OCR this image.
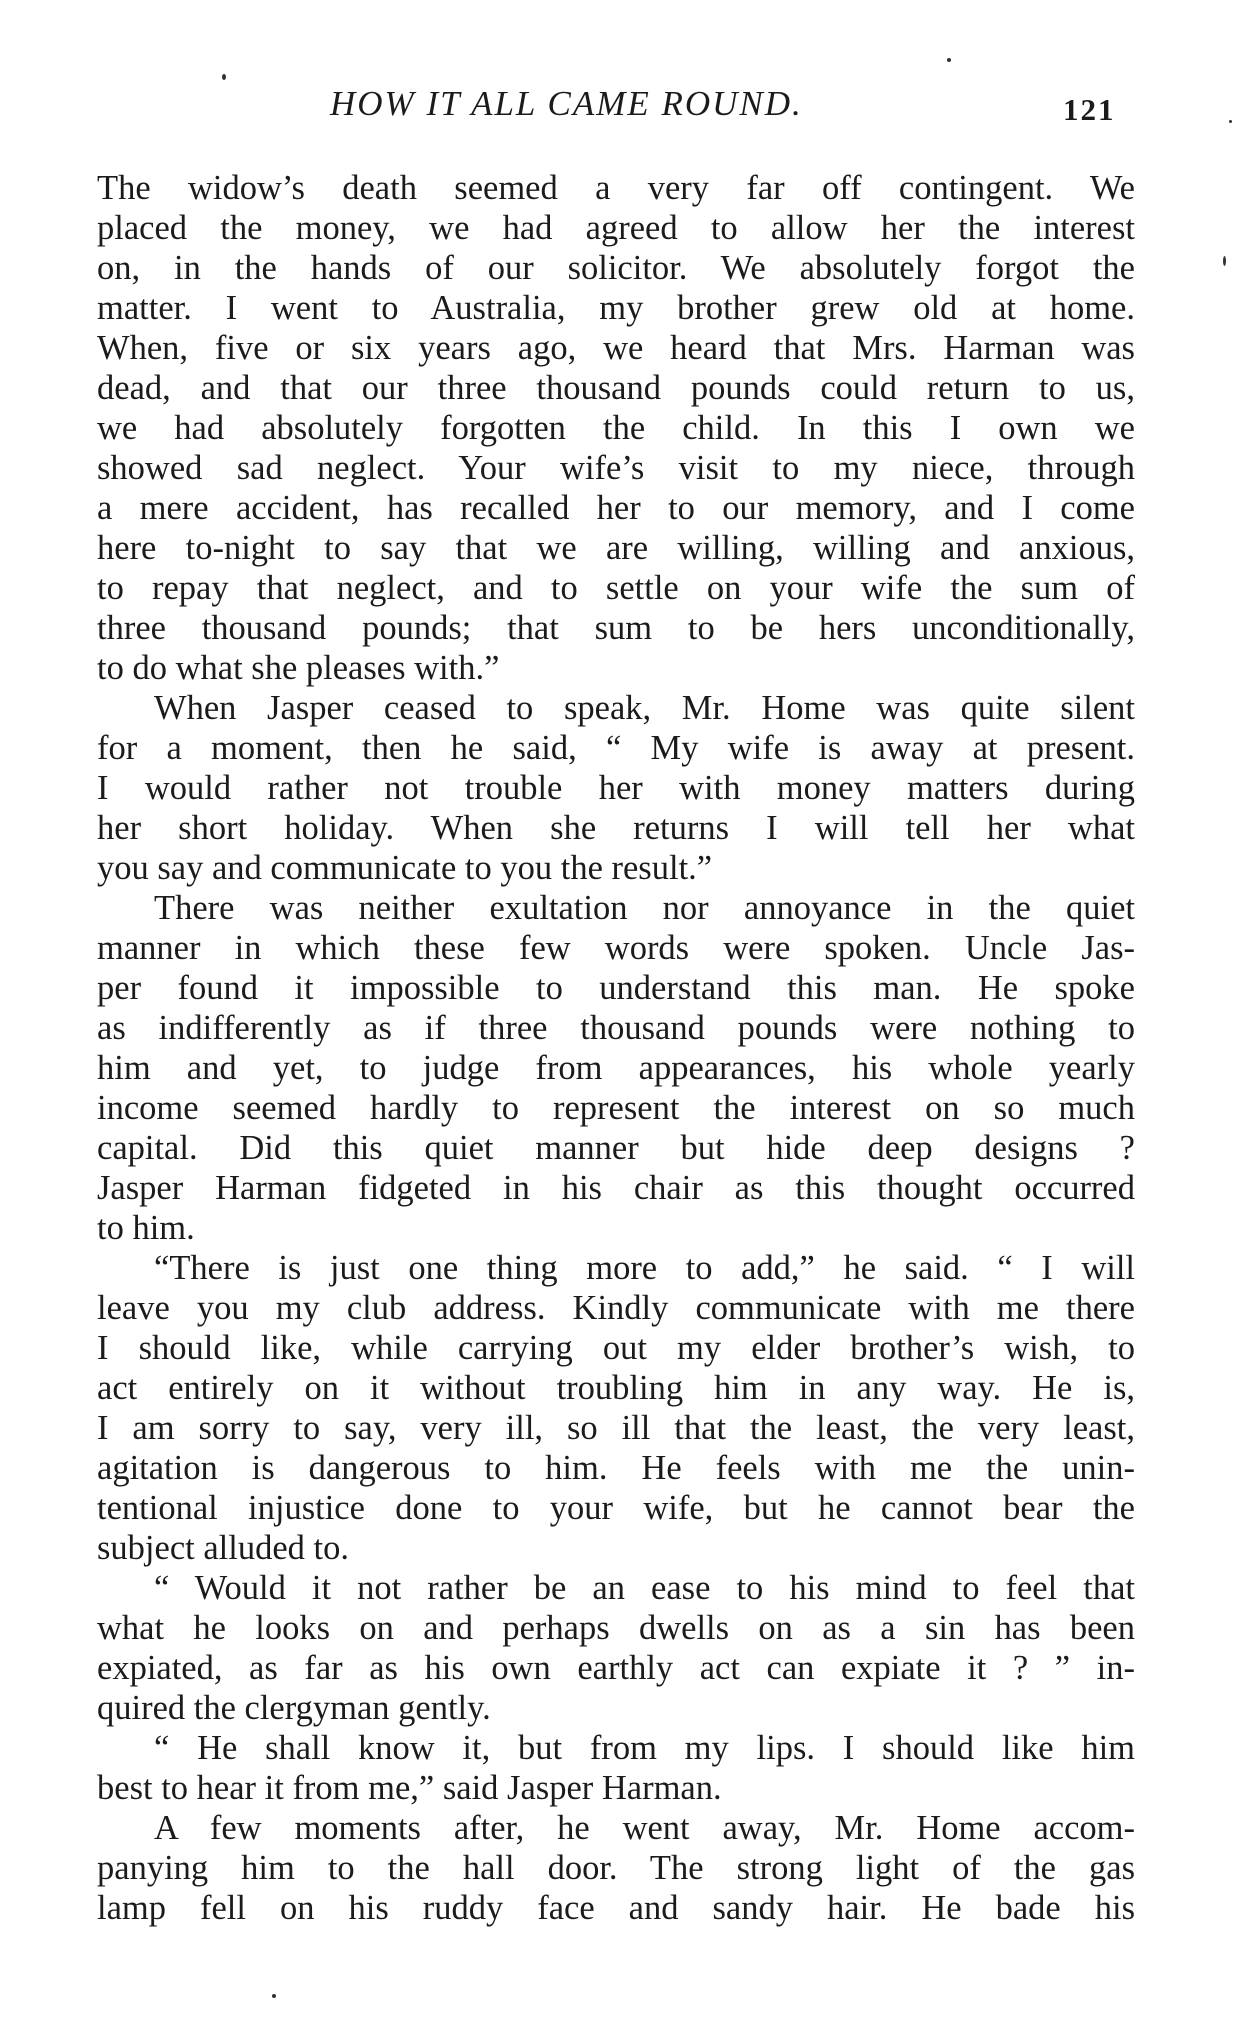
HOW IT ALL CAME ROUND.	121
The widow’s death seemed a very far off contingent. We
placed the money, we had agreed to allow her the interest
on, in the hands of our solicitor. We absolutely forgot the
matter. I went to Australia, my brother grew old at home.
When, five or six years ago, we heard that Mrs. Harman was
dead, and that our three thousand pounds could return to us,
we had absolutely forgotten the child. In this I own we
showed sad neglect. Your wife’s visit to my niece, through
a mere accident, has recalled her to our memory, and I come
here to-night to say that we are willing, willing and anxious,
to repay that neglect, and to settle on your wife the sum of
three thousand pounds; that sum to be hers unconditionally,
to do what she pleases with.”
When Jasper ceased to speak, Mr. Home was quite silent
for a moment, then he said, “ My wife is away at present.
I would rather not trouble her with money matters during
her short holiday. When she returns I will tell her what
you say and communicate to you the result.”
There was neither exultation nor annoyance in the quiet
manner in which these few words were spoken. Uncle Jas-
per found it impossible to understand this man. He spoke
as indifferently as if three thousand pounds were nothing to
him and yet, to judge from appearances, his whole yearly
income seemed hardly to represent the interest on so much
capital. Did this quiet manner but hide deep designs ?
Jasper Harman fidgeted in his chair as this thought occurred
to him.
“There is just one thing more to add,” he said. “ I will
leave you my club address. Kindly communicate with me there
I should like, while carrying out my elder brother’s wish, to
act entirely on it without troubling him in any way. He is,
I am sorry to say, very ill, so ill that the least, the very least,
agitation is dangerous to him. He feels with me the unin-
tentional injustice done to your wife, but he cannot bear the
subject alluded to.
“ Would it not rather be an ease to his mind to feel that
what he looks on and perhaps dwells on as a sin has been
expiated, as far as his own earthly act can expiate it ? ” in-
quired the clergyman gently.
“ He shall know it, but from my lips. I should like him
best to hear it from me,” said Jasper Harman.
A few moments after, he went away, Mr. Home accom-
panying him to the hall door. The strong light of the gas
lamp fell on his ruddy face and sandy hair. He bade his
